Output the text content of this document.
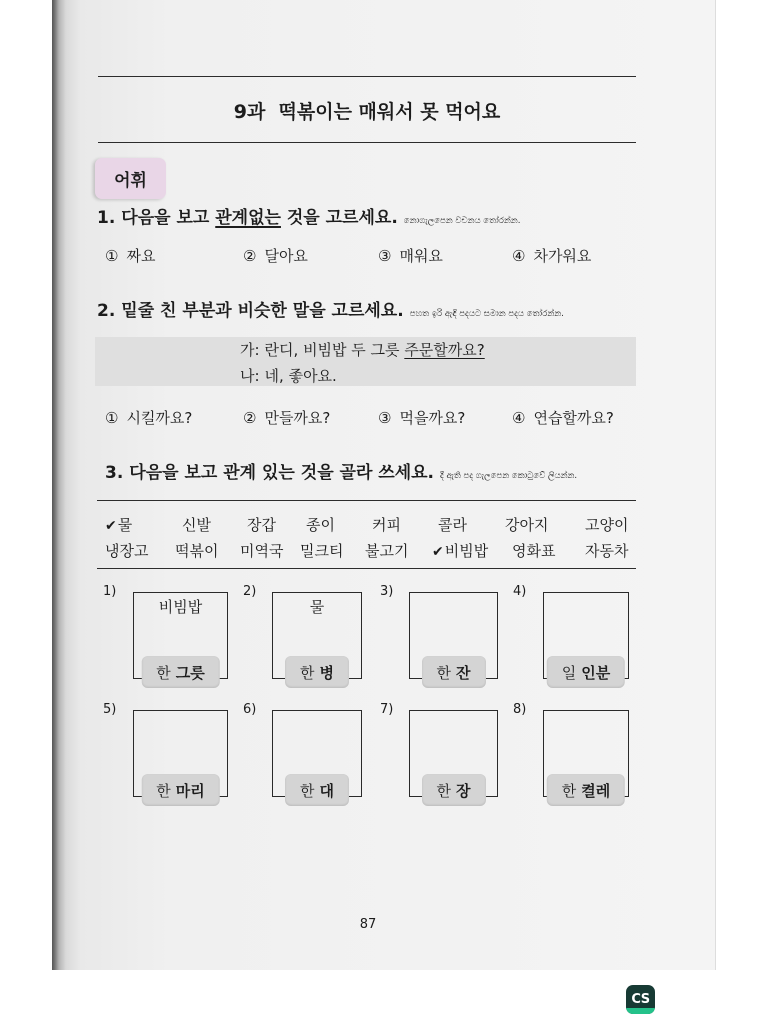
9과  떡볶이는 매워서 못 먹어요
어휘
1. 다음을 보고 관계없는 것을 고르세요. නොගැලපෙන වචනය තෝරන්න.
① 짜요	② 달아요	③ 매워요	④ 차가워요
2. 밑줄 친 부분과 비슷한 말을 고르세요. පහත ඉරි ඇඳි පදයට සමාන පදය තෝරන්න.
가: 란디, 비빔밥 두 그릇 주문할까요?
나: 네, 좋아요.
① 시킬까요?	② 만들까요?	③ 먹을까요?	④ 연습할까요?
3. 다음을 보고 관계 있는 것을 골라 쓰세요. දී ඇති පද ගැලපෙන කොටුවේ ලියන්න.
✔ 물	신발 장갑 종이 커피 콜라	강아지 고양이
냉장고 떡볶이 미역국 밀크티 불고기
✔	비빔밥 영화표 자동차
1)
비빔밥
한 그릇
2)
물
한 병
3)
한 잔
4)
일 인분
5)
한 마리
6)
한 대
7)
한 장
8)
한 켤레
87
CS
